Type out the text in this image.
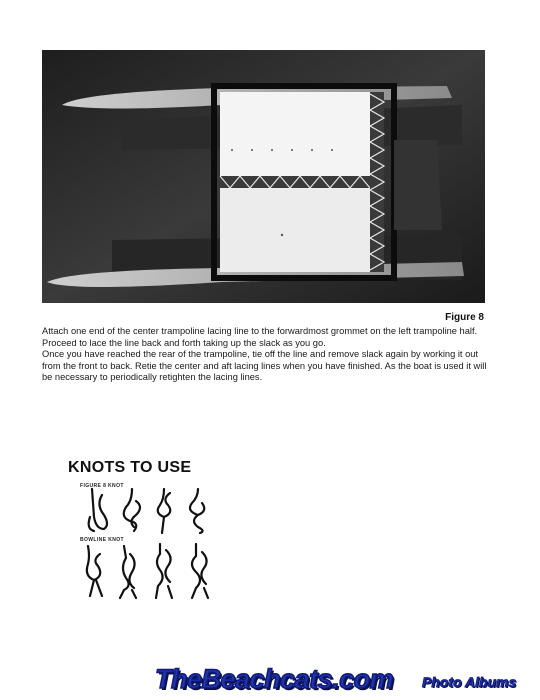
Figure 8

Attach one end of the center trampoline lacing line to the forwardmost grommet on the left trampoline half. Proceed to lace the line back and forth taking up the slack as you go.

Once you have reached the rear of the trampoline, tie off the line and remove slack again by working it out from the front to back. Retie the center and aft lacing lines when you have finished. As the boat is used it will be necessary to periodically retighten the lacing lines.

KNOTS TO USE
FIGURE 8 KNOT
BOWLINE KNOT
TheBeachcats.com Photo Albums
